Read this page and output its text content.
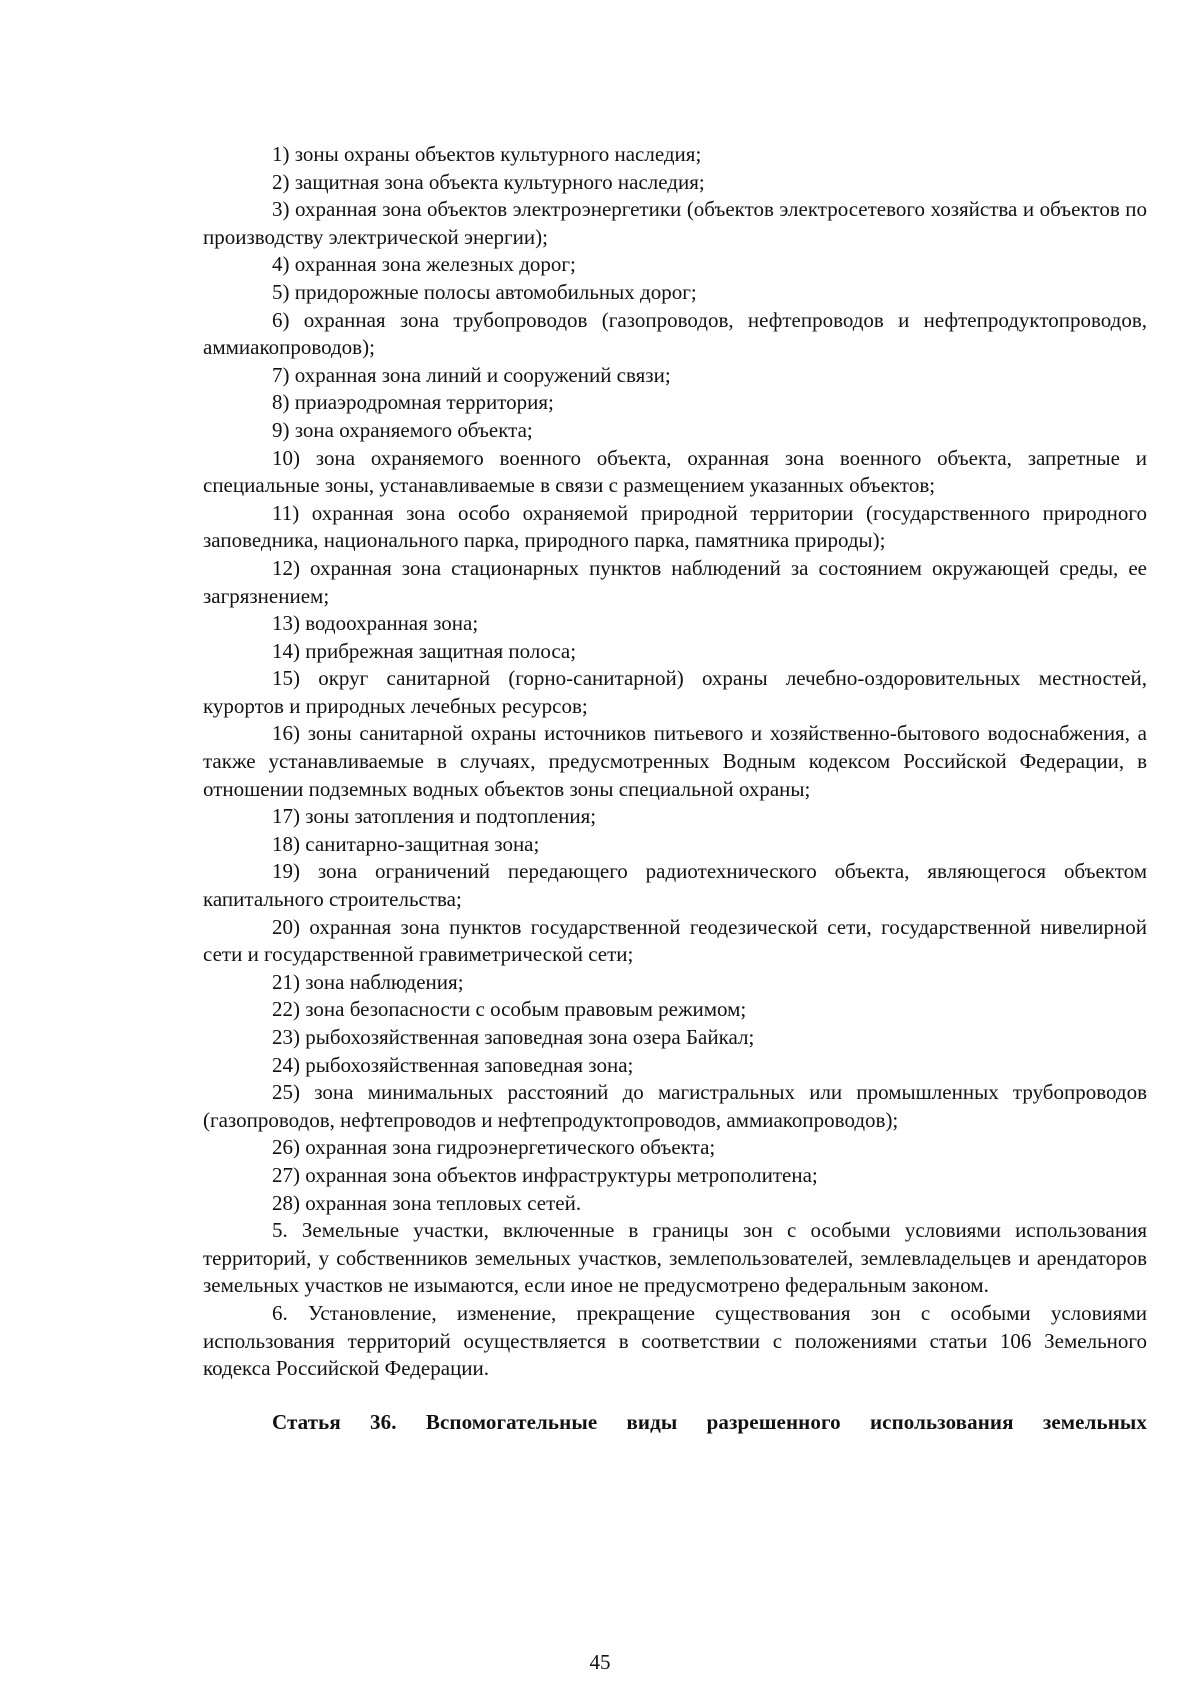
1) зоны охраны объектов культурного наследия;

2) защитная зона объекта культурного наследия;

3) охранная зона объектов электроэнергетики (объектов электросетевого хозяйства и объектов по производству электрической энергии);

4) охранная зона железных дорог;

5) придорожные полосы автомобильных дорог;

6) охранная зона трубопроводов (газопроводов, нефтепроводов и нефтепродуктопроводов, аммиакопроводов);

7) охранная зона линий и сооружений связи;

8) приаэродромная территория;

9) зона охраняемого объекта;

10) зона охраняемого военного объекта, охранная зона военного объекта, запретные и специальные зоны, устанавливаемые в связи с размещением указанных объектов;

11) охранная зона особо охраняемой природной территории (государственного природного заповедника, национального парка, природного парка, памятника природы);

12) охранная зона стационарных пунктов наблюдений за состоянием окружающей среды, ее загрязнением;

13) водоохранная зона;

14) прибрежная защитная полоса;

15) округ санитарной (горно-санитарной) охраны лечебно-оздоровительных местностей, курортов и природных лечебных ресурсов;

16) зоны санитарной охраны источников питьевого и хозяйственно-бытового водоснабжения, а также устанавливаемые в случаях, предусмотренных Водным кодексом Российской Федерации, в отношении подземных водных объектов зоны специальной охраны;

17) зоны затопления и подтопления;

18) санитарно-защитная зона;

19) зона ограничений передающего радиотехнического объекта, являющегося объектом капитального строительства;

20) охранная зона пунктов государственной геодезической сети, государственной нивелирной сети и государственной гравиметрической сети;

21) зона наблюдения;

22) зона безопасности с особым правовым режимом;

23) рыбохозяйственная заповедная зона озера Байкал;

24) рыбохозяйственная заповедная зона;

25) зона минимальных расстояний до магистральных или промышленных трубопроводов (газопроводов, нефтепроводов и нефтепродуктопроводов, аммиакопроводов);

26) охранная зона гидроэнергетического объекта;

27) охранная зона объектов инфраструктуры метрополитена;

28) охранная зона тепловых сетей.

5. Земельные участки, включенные в границы зон с особыми условиями использования территорий, у собственников земельных участков, землепользователей, землевладельцев и арендаторов земельных участков не изымаются, если иное не предусмотрено федеральным законом.

6. Установление, изменение, прекращение существования зон с особыми условиями использования территорий осуществляется в соответствии с положениями статьи 106 Земельного кодекса Российской Федерации.

Статья 36. Вспомогательные виды разрешенного использования земельных

45
